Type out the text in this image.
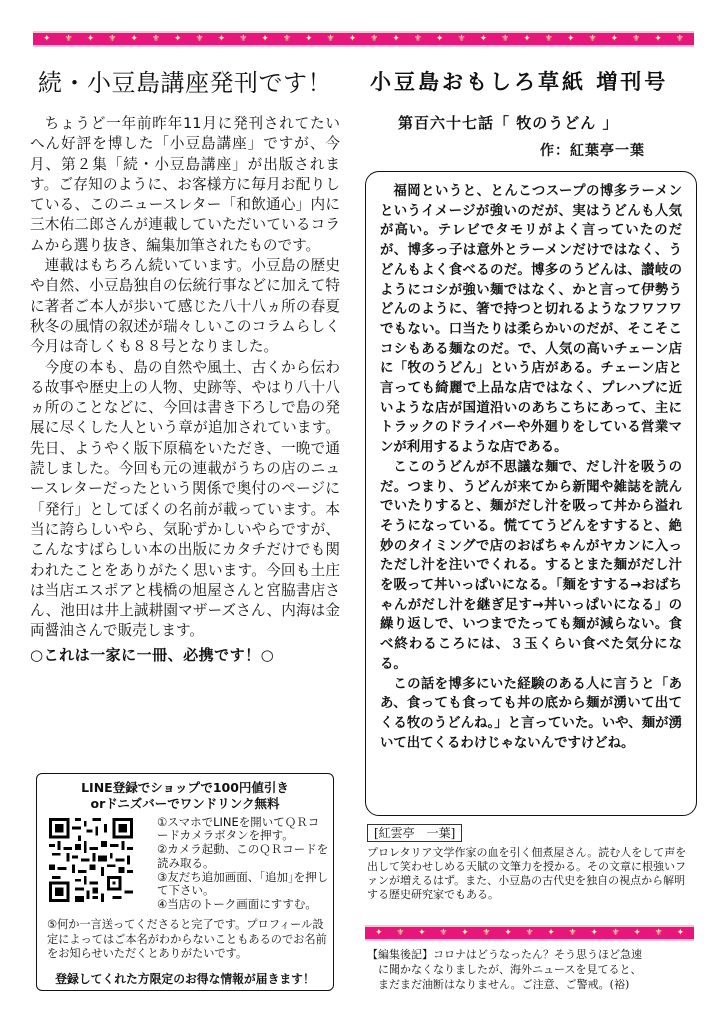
✦ ⚜ ✦ ⚜ ✦ ⚜ ✦ ⚜ ✦ ⚜ ✦ ⚜ ✦ ⚜ ✦ ⚜ ✦ ⚜ ✦ ⚜ ✦ ⚜ ✦ ⚜ ✦ ⚜ ✦ ⚜ ✦ ⚜
✦ ⚜ ✦ ⚜ ✦ ⚜ ✦ ⚜ ✦ ⚜ ✦ ⚜ ✦ ⚜ ✦
続・小豆島講座発刊です！

ちょうど一年前昨年11月に発刊されてたいへん好評を博した「小豆島講座」ですが、今月、第２集「続・小豆島講座」が出版されます。ご存知のように、お客様方に毎月お配りしている、このニュースレター「和飲通心」内に三木佑二郎さんが連載していただいているコラムから選り抜き、編集加筆されたものです。

連載はもちろん続いています。小豆島の歴史や自然、小豆島独自の伝統行事などに加えて特に著者ご本人が歩いて感じた八十八ヵ所の春夏秋冬の風情の叙述が瑞々しいこのコラムらしく今月は奇しくも８８号となりました。

今度の本も、島の自然や風土、古くから伝わる故事や歴史上の人物、史跡等、やはり八十八ヵ所のことなどに、今回は書き下ろしで島の発展に尽くした人という章が追加されています。先日、ようやく版下原稿をいただき、一晩で通読しました。今回も元の連載がうちの店のニュースレターだったという関係で奥付のページに「発行」としてぼくの名前が載っています。本当に誇らしいやら、気恥ずかしいやらですが、こんなすばらしい本の出版にカタチだけでも関われたことをありがたく思います。今回も土庄は当店エスポアと桟橋の旭屋さんと宮脇書店さん、池田は井上誠耕園マザーズさん、内海は金両醤油さんで販売します。

○これは一家に一冊、必携です！○
LINE登録でショップで100円値引き
orドニズバーでワンドリンク無料
①スマホでLINEを開いてＱＲコードカメラボタンを押す。
②カメラ起動、このＱＲコードを読み取る。
③友だち追加画面、｢追加｣を押して下さい。
④当店のトーク画面にすすむ。
⑤何か一言送ってくださると完了です。プロフィール設定によってはご本名がわからないこともあるのでお名前をお知らせいただくとありがたいです。
登録してくれた方限定のお得な情報が届きます！
小豆島おもしろ草紙 増刊号
第百六十七話「 牧のうどん 」
作：紅葉亭一葉

福岡というと、とんこつスープの博多ラーメンというイメージが強いのだが、実はうどんも人気が高い。テレビでタモリがよく言っていたのだが、博多っ子は意外とラーメンだけではなく、うどんもよく食べるのだ。博多のうどんは、讃岐のようにコシが強い麺ではなく、かと言って伊勢うどんのように、箸で持つと切れるようなフワフワでもない。口当たりは柔らかいのだが、そこそこコシもある麺なのだ。で、人気の高いチェーン店に「牧のうどん」という店がある。チェーン店と言っても綺麗で上品な店ではなく、プレハブに近いような店が国道沿いのあちこちにあって、主にトラックのドライバーや外廻りをしている営業マンが利用するような店である。

ここのうどんが不思議な麺で、だし汁を吸うのだ。つまり、うどんが来てから新聞や雑誌を読んでいたりすると、麺がだし汁を吸って丼から溢れそうになっている。慌ててうどんをすすると、絶妙のタイミングで店のおばちゃんがヤカンに入っただし汁を注いでくれる。するとまた麺がだし汁を吸って丼いっぱいになる。「麺をすする→おばちゃんがだし汁を継ぎ足す→丼いっぱいになる」の繰り返しで、いつまでたっても麺が減らない。食べ終わるころには、３玉くらい食べた気分になる。

この話を博多にいた経験のある人に言うと「ああ、食っても食っても丼の底から麺が湧いて出てくる牧のうどんね。」と言っていた。いや、麺が湧いて出てくるわけじゃないんですけどね。

[紅雲亭　一葉]
プロレタリア文学作家の血を引く佃煮屋さん。読む人をして声を出して笑わせしめる天賦の文筆力を授かる。その文章に根強いファンが増えるはず。また、小豆島の古代史を独自の視点から解明する歴史研究家でもある。
【編集後記】コロナはどうなったん？そう思うほど急速
に聞かなくなりましたが、海外ニュースを見てると、
まだまだ油断はなりません。ご注意、ご警戒。(裕)
